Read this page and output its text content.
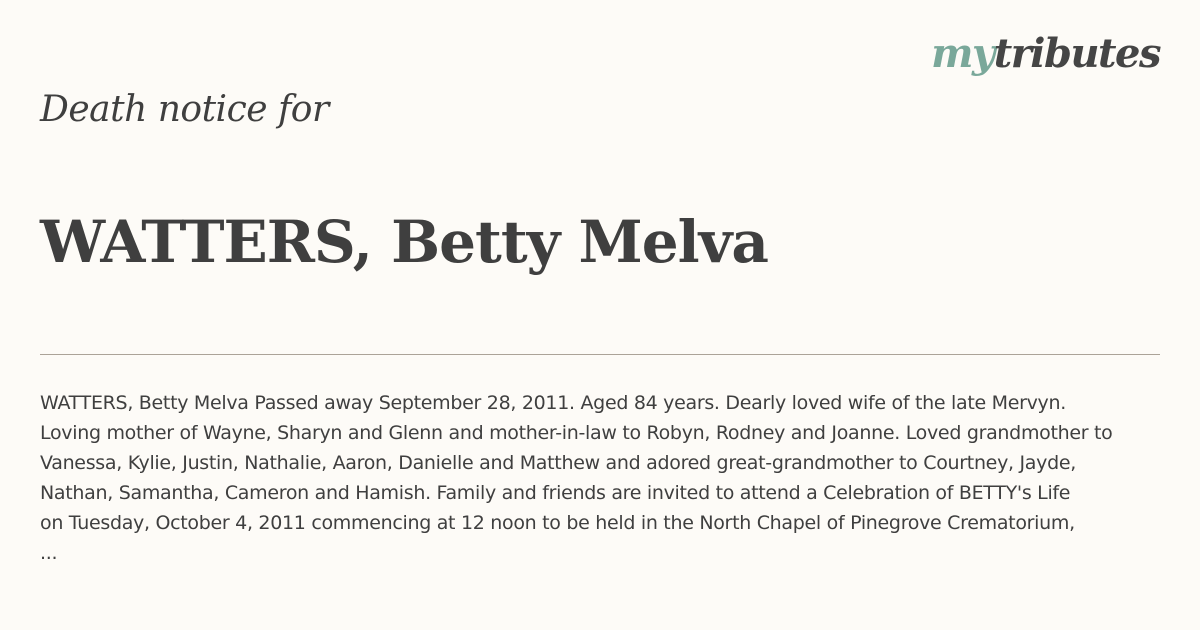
mytributes
Death notice for
WATTERS, Betty Melva
WATTERS, Betty Melva Passed away September 28, 2011. Aged 84 years. Dearly loved wife of the late Mervyn.
Loving mother of Wayne, Sharyn and Glenn and mother-in-law to Robyn, Rodney and Joanne. Loved grandmother to
Vanessa, Kylie, Justin, Nathalie, Aaron, Danielle and Matthew and adored great-grandmother to Courtney, Jayde,
Nathan, Samantha, Cameron and Hamish. Family and friends are invited to attend a Celebration of BETTY's Life
on Tuesday, October 4, 2011 commencing at 12 noon to be held in the North Chapel of Pinegrove Crematorium,
...
